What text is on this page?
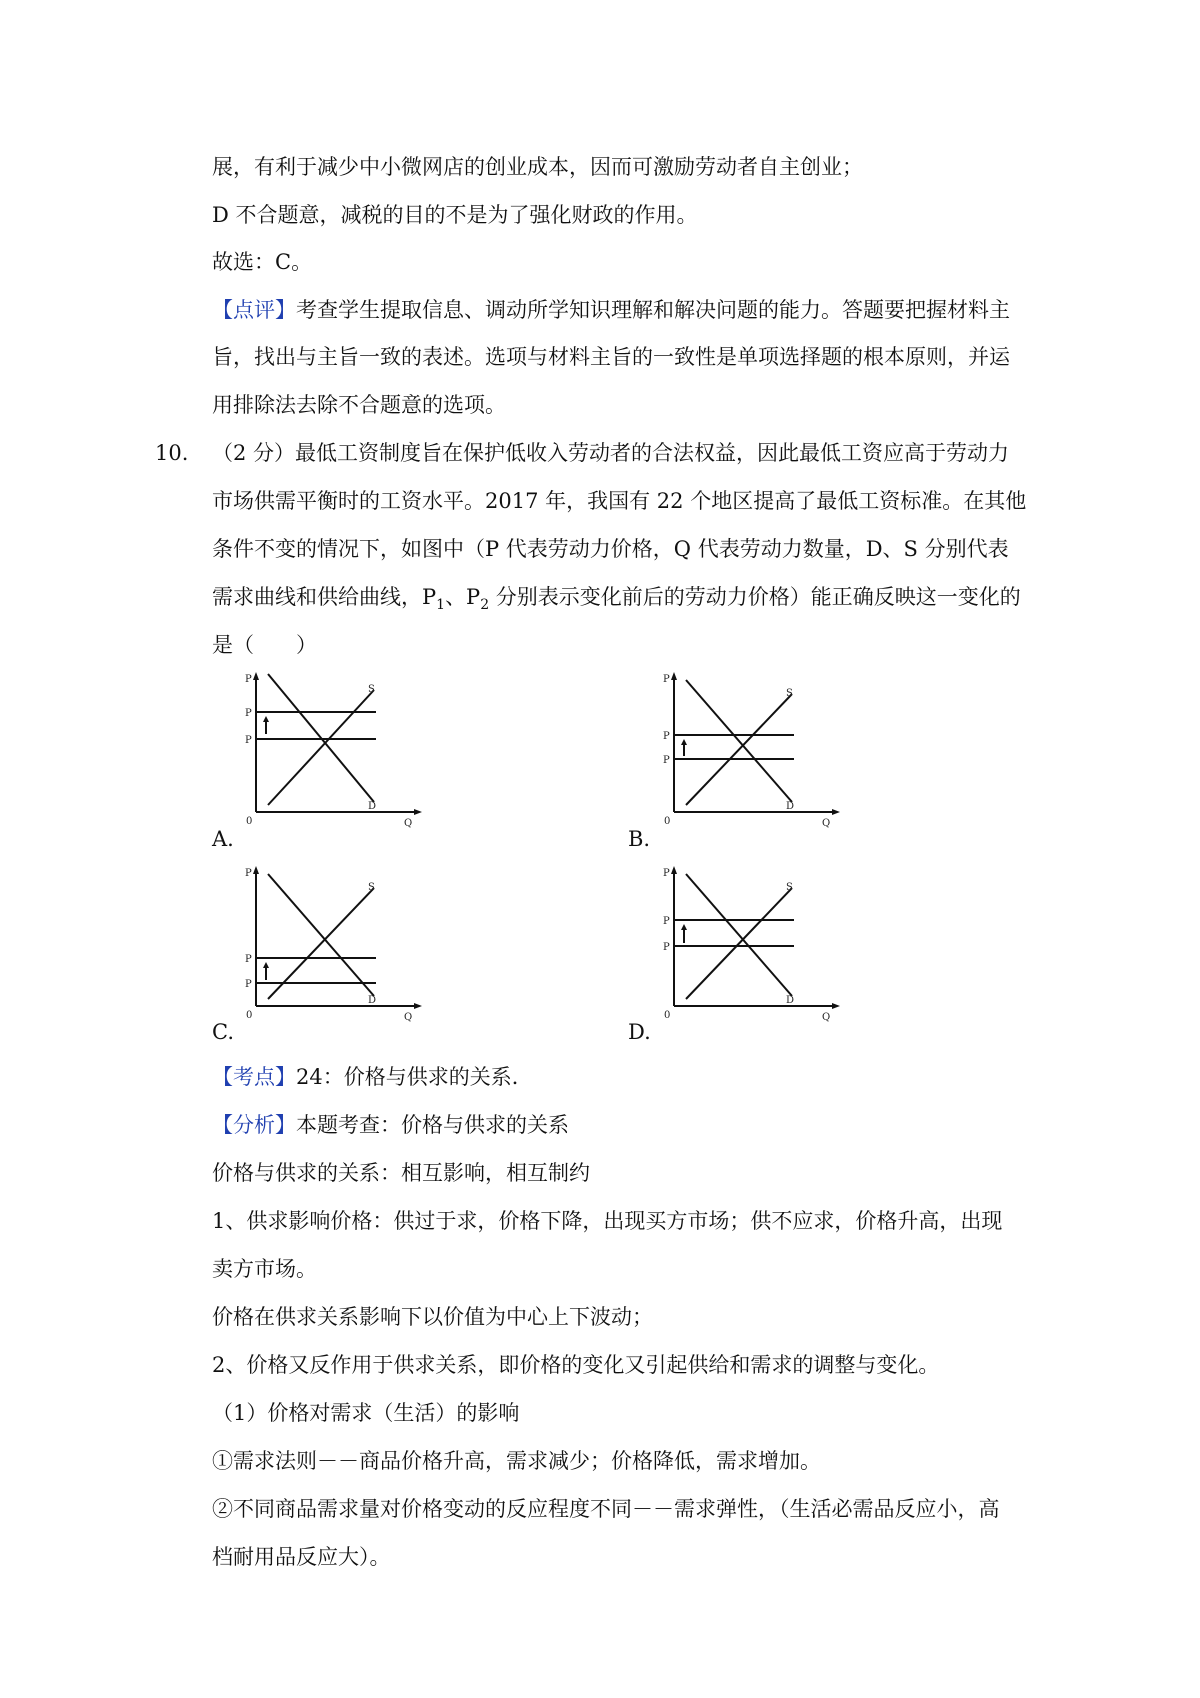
展，有利于减少中小微网店的创业成本，因而可激励劳动者自主创业；
D 不合题意，减税的目的不是为了强化财政的作用。
故选：C。
【点评】考查学生提取信息、调动所学知识理解和解决问题的能力。答题要把握材料主
旨，找出与主旨一致的表述。选项与材料主旨的一致性是单项选择题的根本原则，并运
用排除法去除不合题意的选项。
10. （2 分）最低工资制度旨在保护低收入劳动者的合法权益，因此最低工资应高于劳动力
市场供需平衡时的工资水平。2017 年，我国有 22 个地区提高了最低工资标准。在其他
条件不变的情况下，如图中（P 代表劳动力价格，Q 代表劳动力数量，D、S 分别代表
需求曲线和供给曲线，$P_1$、$P_2$ 分别表示变化前后的劳动力价格）能正确反映这一变化的
是（　　）
A.	B.
C.	D.
P
P
P
S
D
0	Q
P
P
P
S
D
0	Q
P
P
P
S
D
0	Q
P
P
P
S
D
0	Q
【考点】24：价格与供求的关系．
【分析】本题考查：价格与供求的关系
价格与供求的关系：相互影响，相互制约
1、供求影响价格：供过于求，价格下降，出现买方市场；供不应求，价格升高，出现
卖方市场。
价格在供求关系影响下以价值为中心上下波动；
2、价格又反作用于供求关系，即价格的变化又引起供给和需求的调整与变化。
（1）价格对需求（生活）的影响
①需求法则－－商品价格升高，需求减少；价格降低，需求增加。
②不同商品需求量对价格变动的反应程度不同－－需求弹性，（生活必需品反应小，高
档耐用品反应大）。
